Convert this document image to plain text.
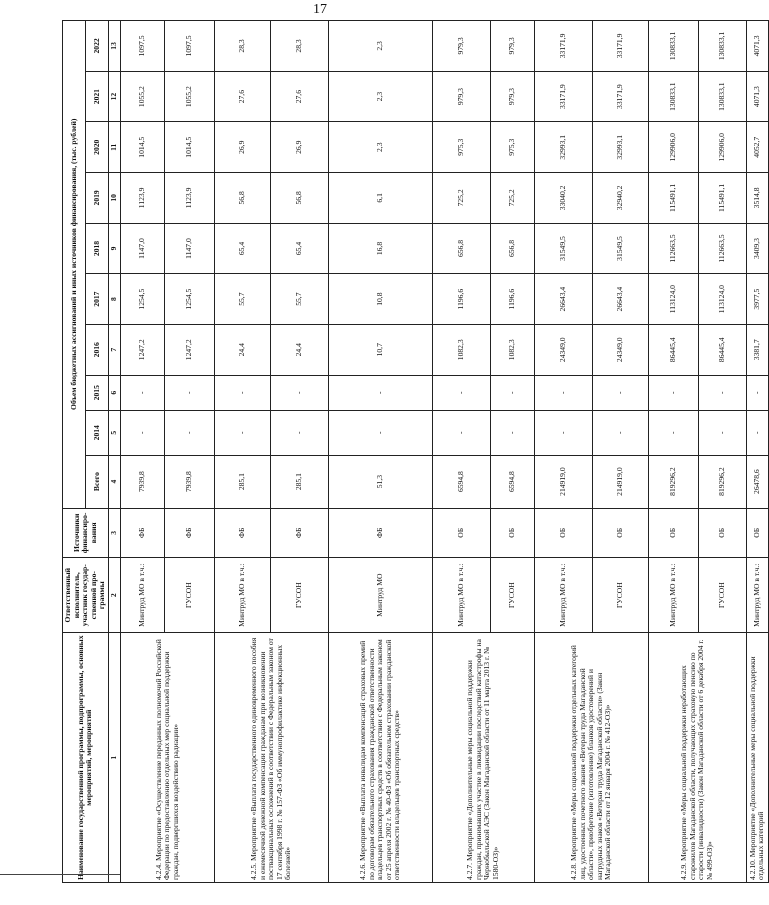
17
Наименование государственной программы, подпрограммы, основных мероприятий, мероприятий	Ответственный исполнитель, участник государ-ственной про-граммы	Источники финансиро-вания	Объем бюджетных ассигнований и иных источников финансирования, (тыс. рублей)									
			Всего	2014	2015	2016	2017	2018	2019	2020	2021	2022
1	2	3	4	5	6	7	8	9	10	11	12	13
4.2.4. Мероприятие «Осуществление переданных полномочий Российской Федерации по предоставлению отдельных мер социальной поддержки граждан, подвергшихся воздействию радиации»	Минтруд МО в т.ч.:	ФБ	7939,8	-	-	1247,2	1254,5	1147,0	1123,9	1014,5	1055,2	1097,5
	ГУСОН	ФБ	7939,8	-	-	1247,2	1254,5	1147,0	1123,9	1014,5	1055,2	1097,5
4.2.5. Мероприятие «Выплата государственного единовременного пособия и ежемесячной денежной компенсации гражданам при возникновении поствакцинальных осложнений в соответствии с Федеральным законом от 17 сентября 1998 г. № 157-ФЗ «Об иммунопрофилактике инфекционных болезней»	Минтруд МО в т.ч.:	ФБ	285,1	-	-	24,4	55,7	65,4	56,8	26,9	27,6	28,3
	ГУСОН	ФБ	285,1	-	-	24,4	55,7	65,4	56,8	26,9	27,6	28,3
4.2.6. Мероприятие «Выплата инвалидам компенсаций страховых премий по договорам обязательного страхования гражданской ответственности владельцев транспортных средств в соответствии с Федеральным законом от 25 апреля 2002 г. № 40-ФЗ «Об обязательном страховании гражданской ответственности владельцев транспортных средств»	Минтруд МО	ФБ	51,3	-	-	10,7	10,8	16,8	6,1	2,3	2,3	2,3
4.2.7. Мероприятие «Дополнительные меры социальной поддержки граждан, принимавших участие в ликвидации последствий катастрофы на Чернобыльской АЭС (Закон Магаданской области от 11 марта 2013 г. № 1580-ОЗ)»	Минтруд МО в т.ч.:	ОБ	6594,8	-	-	1082,3	1196,6	656,8	725,2	975,3	979,3	979,3
	ГУСОН	ОБ	6594,8	-	-	1082,3	1196,6	656,8	725,2	975,3	979,3	979,3
4.2.8. Мероприятие «Меры социальной поддержки отдельных категорий лиц, удостоенных почетного звания «Ветеран труда Магаданской области», приобретение (изготовление) бланков удостоверений и нагрудных знаков «Ветеран труда Магаданской области» (Закон Магаданской области от 12 января 2004 г. № 412-ОЗ)»	Минтруд МО в т.ч.:	ОБ	214919,0	-	-	24349,0	26643,4	31549,5	33040,2	32993,1	33171,9	33171,9
	ГУСОН	ОБ	214919,0	-	-	24349,0	26643,4	31549,5	32940,2	32993,1	33171,9	33171,9
4.2.9. Мероприятие «Меры социальной поддержки неработающих старожилов Магаданской области, получающих страховую пенсию по старости (инвалидности) (Закон Магаданской области от 6 декабря 2004 г. № 499-ОЗ)»	Минтруд МО в т.ч.:	ОБ	819296,2	-	-	86445,4	113124,0	112663,5	115491,1	129906,0	130833,1	130833,1
	ГУСОН	ОБ	819296,2	-	-	86445,4	113124,0	112663,5	115491,1	129906,0	130833,1	130833,1
4.2.10. Мероприятие «Дополнительные меры социальной поддержки отдельных категорий	Минтруд МО в т.ч.:	ОБ	26478,6	-	-	3381,7	3977,5	3409,3	3514,8	4052,7	4071,3	4071,3
